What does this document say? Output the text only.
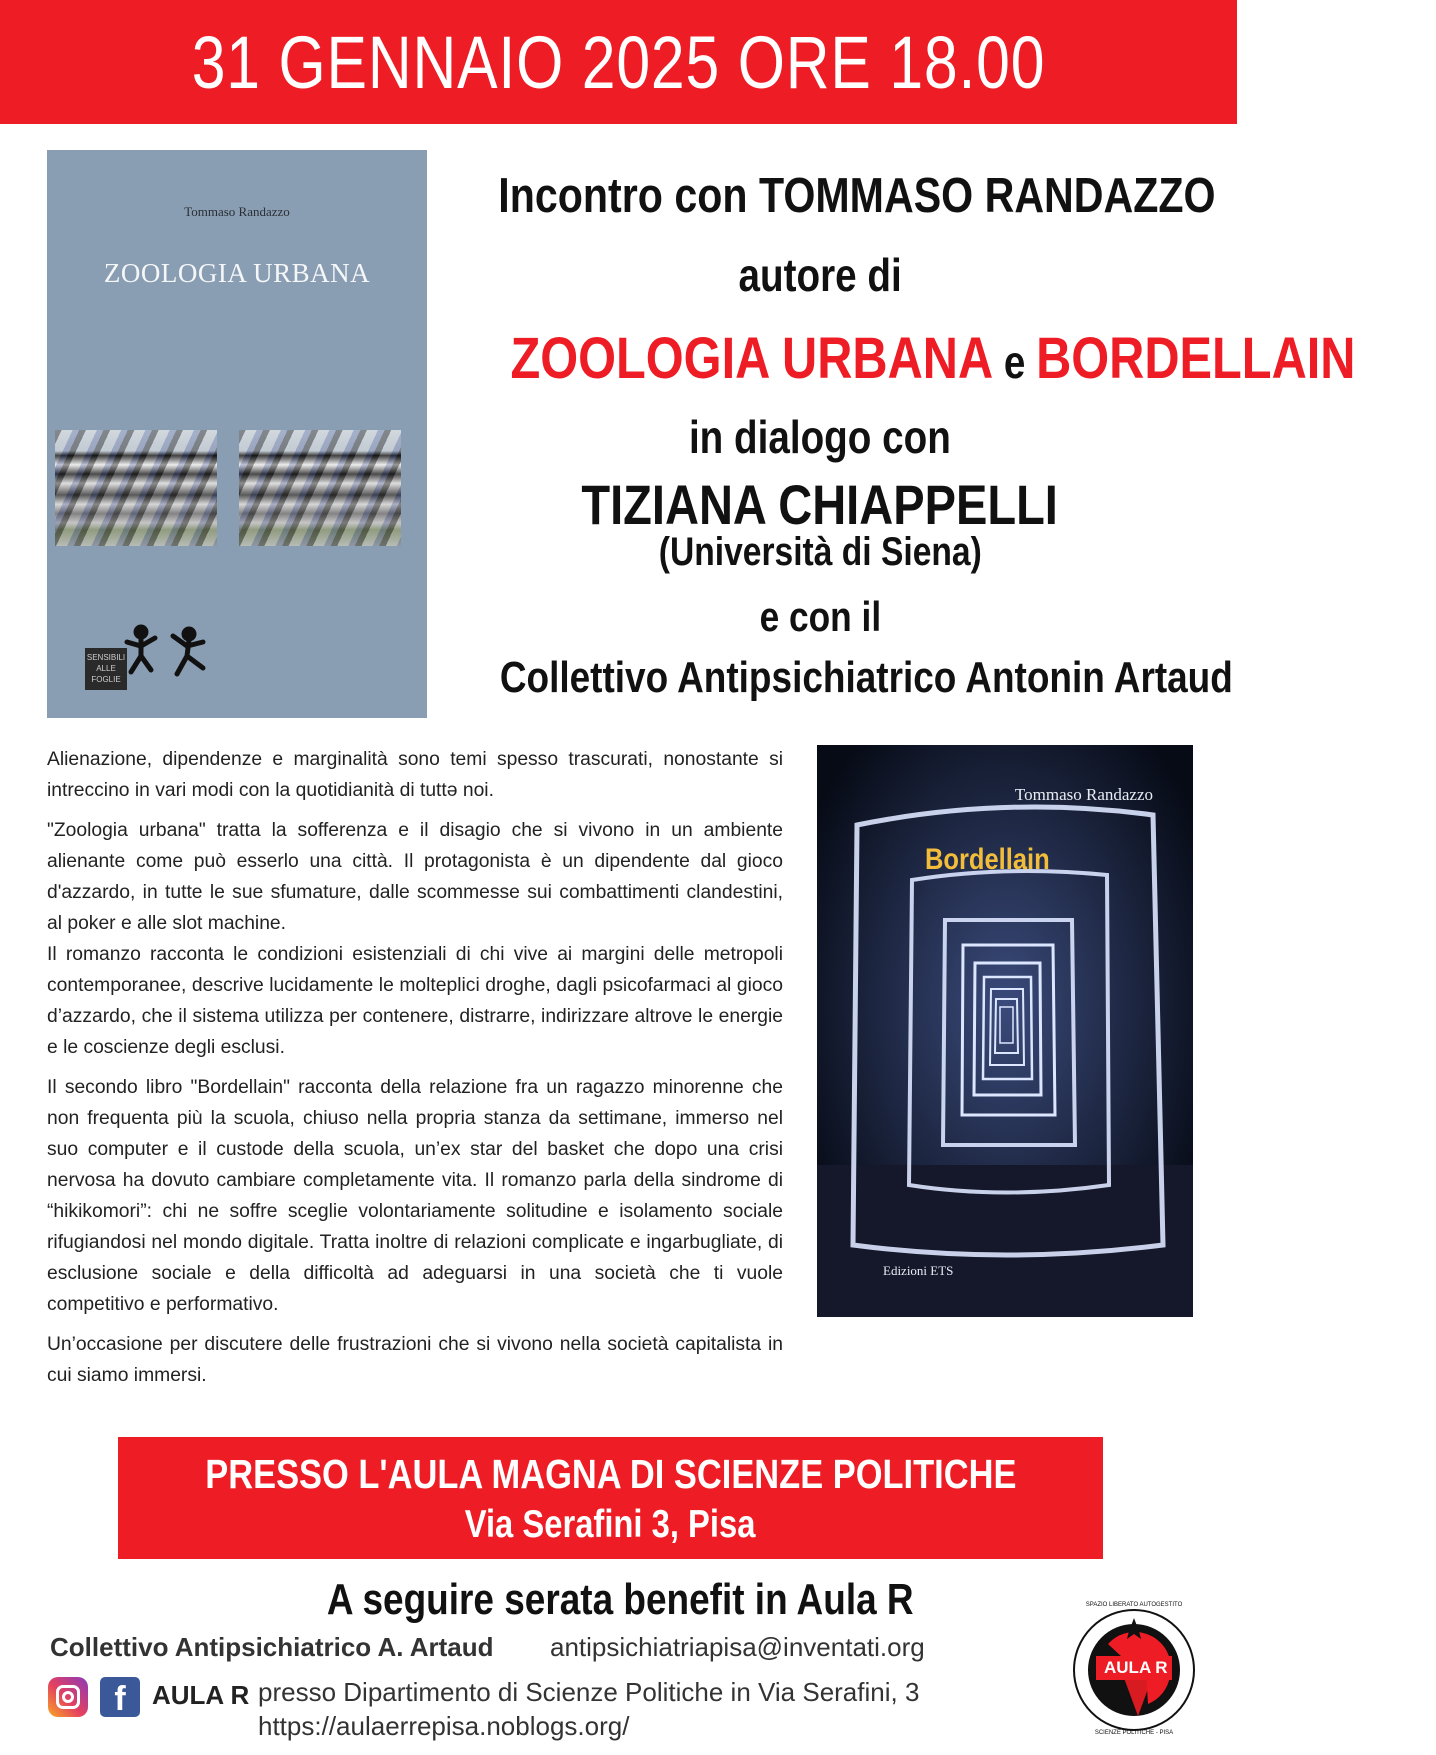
31 GENNAIO 2025 ORE 18.00
Tommaso Randazzo
ZOOLOGIA URBANA
SENSIBILI ALLE FOGLIE
Incontro con TOMMASO RANDAZZO
autore di
ZOOLOGIA URBANA e BORDELLAIN
in dialogo con
TIZIANA CHIAPPELLI
(Università di Siena)
e con il
Collettivo Antipsichiatrico Antonin Artaud

Alienazione, dipendenze e marginalità sono temi spesso trascurati, nonostante si intreccino in vari modi con la quotidianità di tuttə noi.

"Zoologia urbana" tratta la sofferenza e il disagio che si vivono in un ambiente alienante come può esserlo una città. Il protagonista è un dipendente dal gioco d'azzardo, in tutte le sue sfumature, dalle scommesse sui combattimenti clandestini, al poker e alle slot machine.

Il romanzo racconta le condizioni esistenziali di chi vive ai margini delle metropoli contemporanee, descrive lucidamente le molteplici droghe, dagli psicofarmaci al gioco d’azzardo, che il sistema utilizza per contenere, distrarre, indirizzare altrove le energie e le coscienze degli esclusi.

Il secondo libro "Bordellain" racconta della relazione fra un ragazzo minorenne che non frequenta più la scuola, chiuso nella propria stanza da settimane, immerso nel suo computer e il custode della scuola, un’ex star del basket che dopo una crisi nervosa ha dovuto cambiare completamente vita. Il romanzo parla della sindrome di “hikikomori”: chi ne soffre sceglie volontariamente solitudine e isolamento sociale rifugiandosi nel mondo digitale. Tratta inoltre di relazioni complicate e ingarbugliate, di esclusione sociale e della difficoltà ad adeguarsi in una società che ti vuole competitivo e performativo.

Un’occasione per discutere delle frustrazioni che si vivono nella società capitalista in cui siamo immersi.

Tommaso Randazzo
Bordellain
Edizioni ETS
PRESSO L'AULA MAGNA DI SCIENZE POLITICHE
Via Serafini 3, Pisa
A seguire serata benefit in Aula R
Collettivo Antipsichiatrico A. Artaud antipsichiatriapisa@inventati.org
f	AULA R presso Dipartimento di Scienze Politiche in Via Serafini, 3
https://aulaerrepisa.noblogs.org/
AULA R
SPAZIO LIBERATO AUTOGESTITO
SCIENZE POLITICHE - PISA
